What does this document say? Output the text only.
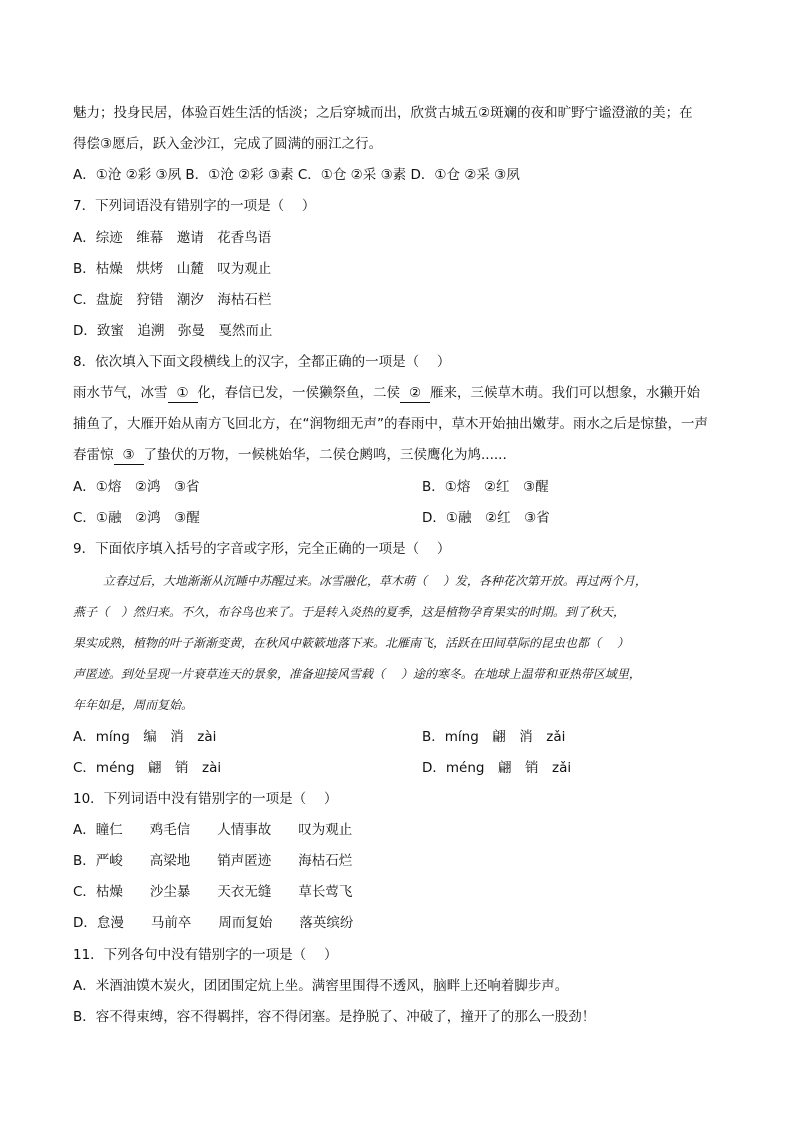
魅力；投身民居，体验百姓生活的恬淡；之后穿城而出，欣赏古城五②斑斓的夜和旷野宁谧澄澈的美；在
得偿③愿后，跃入金沙江，完成了圆满的丽江之行。
A．①沧 ②彩 ③夙 B．①沧 ②彩 ③素 C．①仓 ②采 ③素 D．①仓 ②采 ③夙
7．下列词语没有错别字的一项是（　 ）
A．综迹　维幕　邀请　花香鸟语
B．枯燥　烘烤　山麓　叹为观止
C．盘旋　狩错　潮汐　海枯石栏
D．致蜜　追溯　弥曼　戛然而止
8．依次填入下面文段横线上的汉字，全都正确的一项是（　 ）
雨水节气，冰雪 ① 化，春信已发，一侯獭祭鱼，二侯 ② 雁来，三候草木萌。我们可以想象，水獭开始
捕鱼了，大雁开始从南方飞回北方，在“润物细无声”的春雨中，草木开始抽出嫩芽。雨水之后是惊蛰，一声
春雷惊 ③ 了蛰伏的万物，一候桃始华，二侯仓鹒鸣，三侯鹰化为鸠......
A．①熔　②鸿　③省	B．①熔　②红　③醒
C．①融　②鸿　③醒	D．①融　②红　③省
9．下面依序填入括号的字音或字形，完全正确的一项是（　 ）
立春过后，大地渐渐从沉睡中苏醒过来。冰雪融化，草木萌（　 ）发，各种花次第开放。再过两个月，
燕子（　）然归来。不久，布谷鸟也来了。于是转入炎热的夏季，这是植物孕育果实的时期。到了秋天，
果实成熟，植物的叶子渐渐变黄，在秋风中簌簌地落下来。北雁南飞，活跃在田间草际的昆虫也都（　 ）
声匿迹。到处呈现一片衰草连天的景象，准备迎接风雪载（　 ）途的寒冬。在地球上温带和亚热带区域里，
年年如是，周而复始。
A．míng　编　消　zài	B．míng　翩　消　zǎi
C．méng　翩　销　zài	D．méng　翩　销　zǎi
10．下列词语中没有错别字的一项是（　 ）
A．瞳仁　　鸡毛信　　人情事故　　叹为观止
B．严峻　　高梁地　　销声匿迹　　海枯石烂
C．枯燥　　沙尘暴　　天衣无缝　　草长莺飞
D．怠漫　　马前卒　　周而复始　　落英缤纷
11．下列各句中没有错别字的一项是（　 ）
A．米酒油馍木炭火，团团围定炕上坐。满窖里围得不透风，脑畔上还响着脚步声。
B．容不得束缚，容不得羁拌，容不得闭塞。是挣脱了、冲破了，撞开了的那么一股劲！
